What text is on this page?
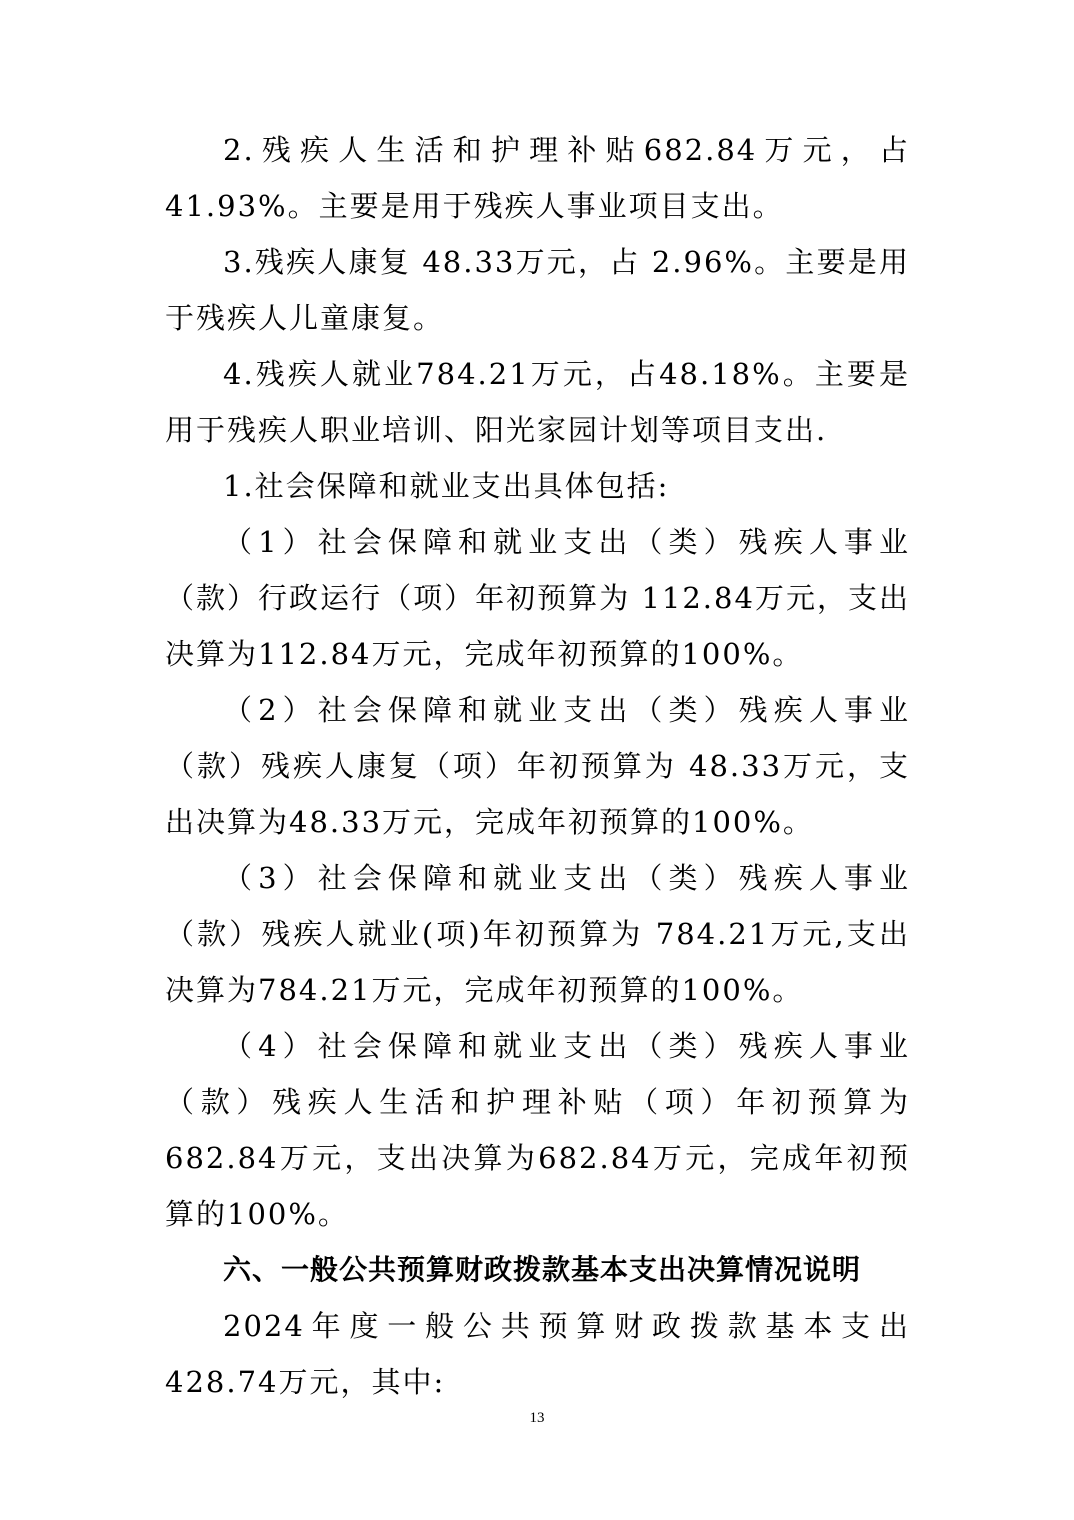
2.残疾人生活和护理补贴682.84万元，占41.93%。主要是用于残疾人事业项目支出。

3.残疾人康复 48.33万元，占 2.96%。主要是用于残疾人儿童康复。

4.残疾人就业784.21万元，占48.18%。主要是用于残疾人职业培训、阳光家园计划等项目支出.

1.社会保障和就业支出具体包括:

（1）社会保障和就业支出（类）残疾人事业（款）行政运行（项）年初预算为 112.84万元，支出决算为112.84万元，完成年初预算的100%。

（2）社会保障和就业支出（类）残疾人事业（款）残疾人康复（项）年初预算为 48.33万元，支出决算为48.33万元，完成年初预算的100%。

（3）社会保障和就业支出（类）残疾人事业（款）残疾人就业(项)年初预算为 784.21万元,支出决算为784.21万元，完成年初预算的100%。

（4）社会保障和就业支出（类）残疾人事业（款）残疾人生活和护理补贴（项）年初预算为 682.84万元，支出决算为682.84万元，完成年初预算的100%。

六、一般公共预算财政拨款基本支出决算情况说明

2024年度一般公共预算财政拨款基本支出428.74万元，其中:

13
